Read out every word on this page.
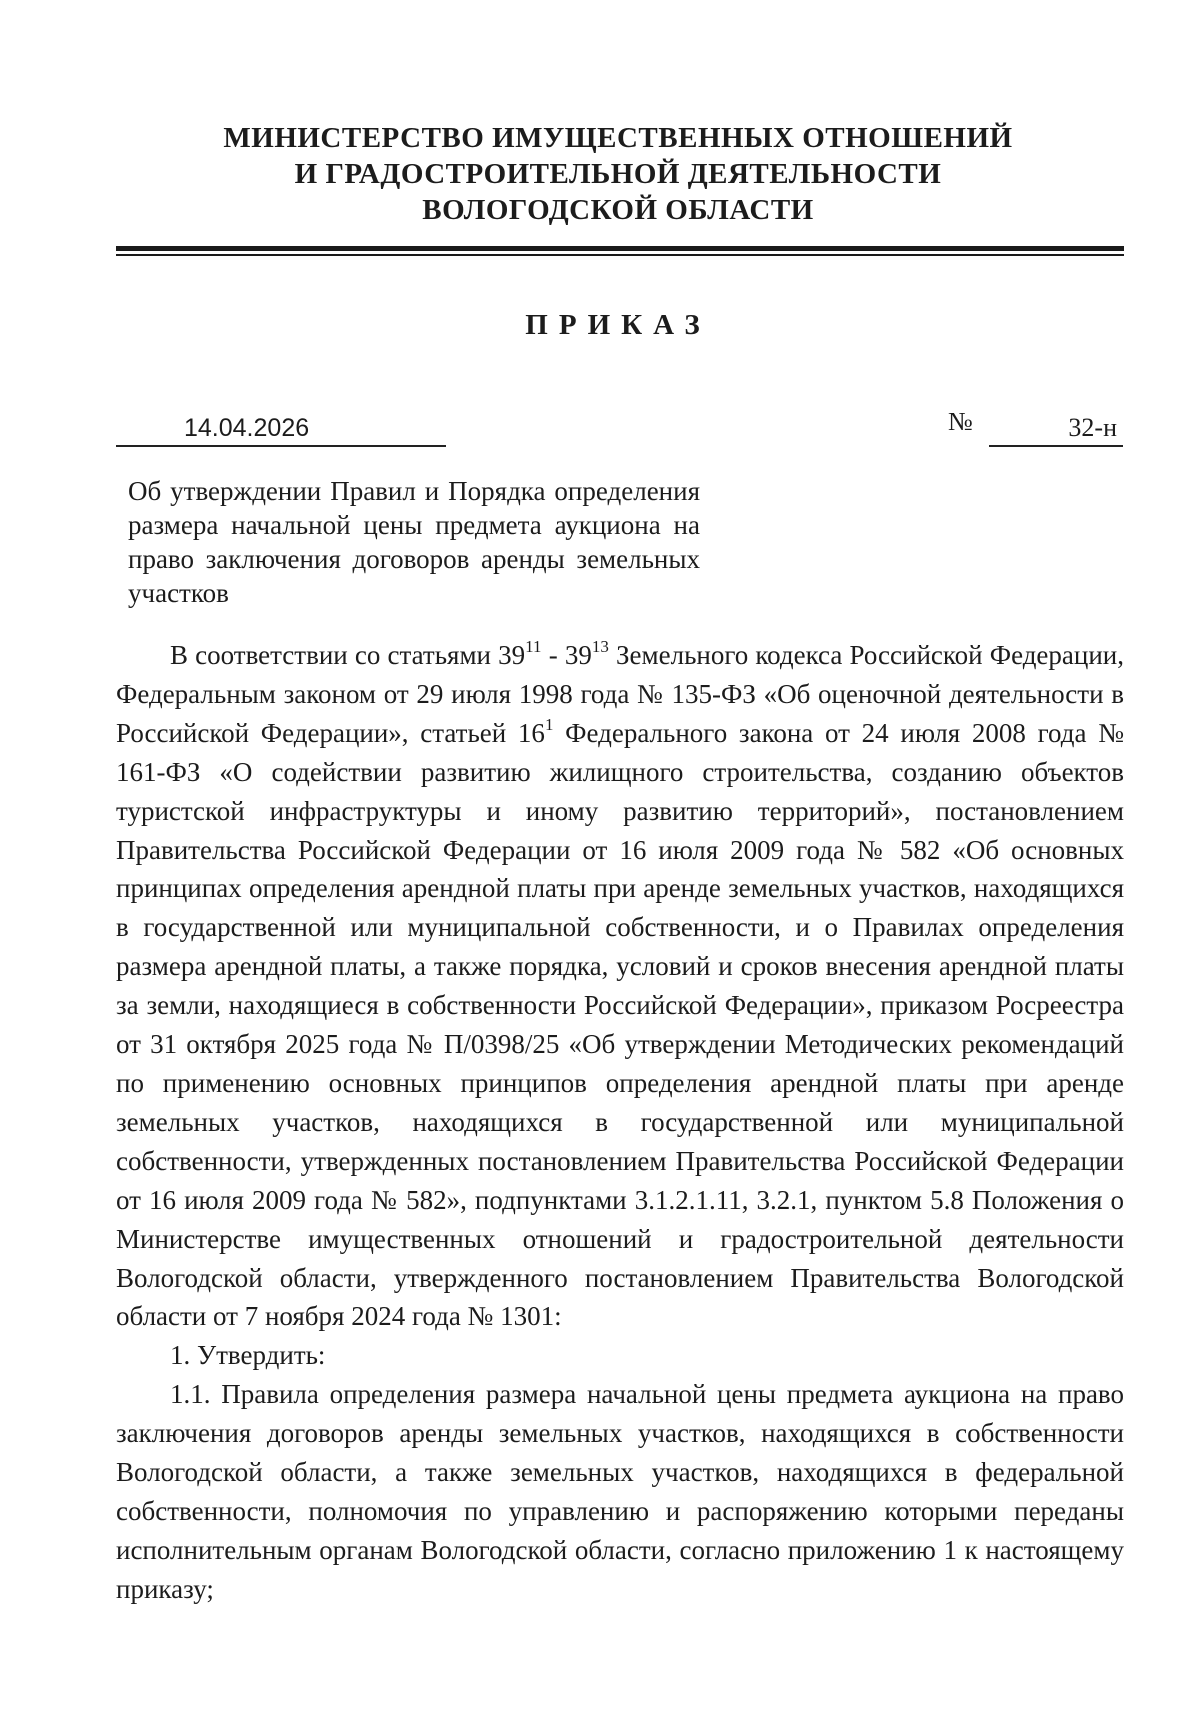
МИНИСТЕРСТВО ИМУЩЕСТВЕННЫХ ОТНОШЕНИЙ
И ГРАДОСТРОИТЕЛЬНОЙ ДЕЯТЕЛЬНОСТИ
ВОЛОГОДСКОЙ ОБЛАСТИ
ПРИКАЗ
14.04.2026	№	32-н
Об утверждении Правил и Порядка определения размера начальной цены предмета аукциона на право заключения договоров аренды земельных участков

В соответствии со статьями $39^{11} - 39^{13}$ Земельного кодекса Российской Федерации, Федеральным законом от 29 июля 1998 года № 135-ФЗ «Об оценочной деятельности в Российской Федерации», статьей $16^1$ Федерального закона от 24 июля 2008 года № 161-ФЗ «О содействии развитию жилищного строительства, созданию объектов туристской инфраструктуры и иному развитию территорий», постановлением Правительства Российской Федерации от 16 июля 2009 года № 582 «Об основных принципах определения арендной платы при аренде земельных участков, находящихся в государственной или муниципальной собственности, и о Правилах определения размера арендной платы, а также порядка, условий и сроков внесения арендной платы за земли, находящиеся в собственности Российской Федерации», приказом Росреестра от 31 октября 2025 года № П/0398/25 «Об утверждении Методических рекомендаций по применению основных принципов определения арендной платы при аренде земельных участков, находящихся в государственной или муниципальной собственности, утвержденных постановлением Правительства Российской Федерации от 16 июля 2009 года № 582», подпунктами 3.1.2.1.11, 3.2.1, пунктом 5.8 Положения о Министерстве имущественных отношений и градостроительной деятельности Вологодской области, утвержденного постановлением Правительства Вологодской области от 7 ноября 2024 года № 1301:

1. Утвердить:

1.1. Правила определения размера начальной цены предмета аукциона на право заключения договоров аренды земельных участков, находящихся в собственности Вологодской области, а также земельных участков, находящихся в федеральной собственности, полномочия по управлению и распоряжению которыми переданы исполнительным органам Вологодской области, согласно приложению 1 к настоящему приказу;
